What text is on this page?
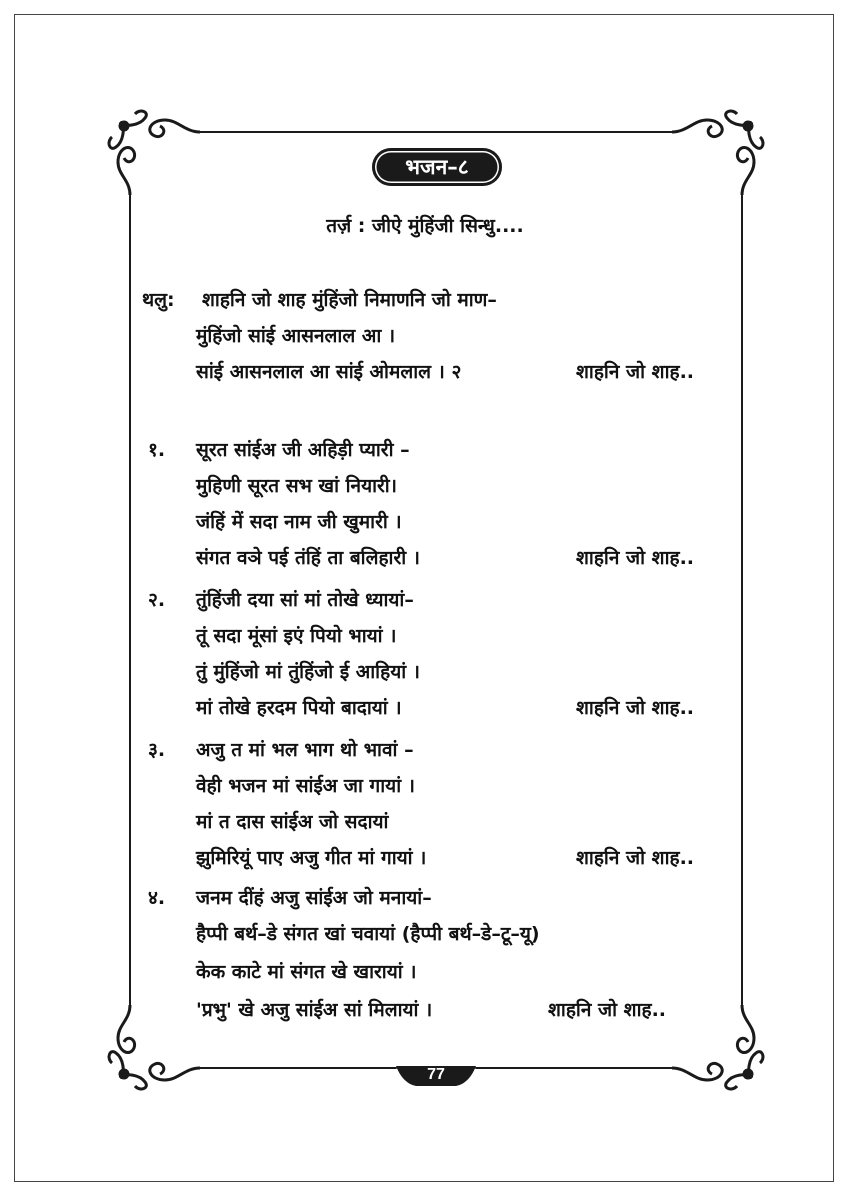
भजन–८
तर्ज़ : जीऐ मुंहिंजी सिन्धु....
थलु: शाहनि जो शाह मुंहिंजो निमाणनि जो माण–
मुंहिंजो सांई आसनलाल आ ।
सांई आसनलाल आ सांई ओमलाल । २	शाहनि जो शाह..
१. सूरत सांईअ जी अहिड़ी प्यारी –
मुहिणी सूरत सभ खां नियारी।
जंहिं में सदा नाम जी खुमारी ।
संगत वञे पई तंहिं ता बलिहारी ।	शाहनि जो शाह..
२. तुंहिंजी दया सां मां तोखे ध्यायां–
तूं सदा मूंसां इएं पियो भायां ।
तुं मुंहिंजो मां तुंहिंजो ई आहियां ।
मां तोखे हरदम पियो बादायां ।	शाहनि जो शाह..
३. अजु त मां भल भाग थो भावां –
वेही भजन मां सांईअ जा गायां ।
मां त दास सांईअ जो सदायां
झुमिरियूं पाए अजु गीत मां गायां ।	शाहनि जो शाह..
४. जनम दींहं अजु सांईअ जो मनायां–
हैप्पी बर्थ–डे संगत खां चवायां (हैप्पी बर्थ–डे–टू–यू)
केक काटे मां संगत खे खारायां ।
'प्रभु' खे अजु सांईअ सां मिलायां ।	शाहनि जो शाह..
77
